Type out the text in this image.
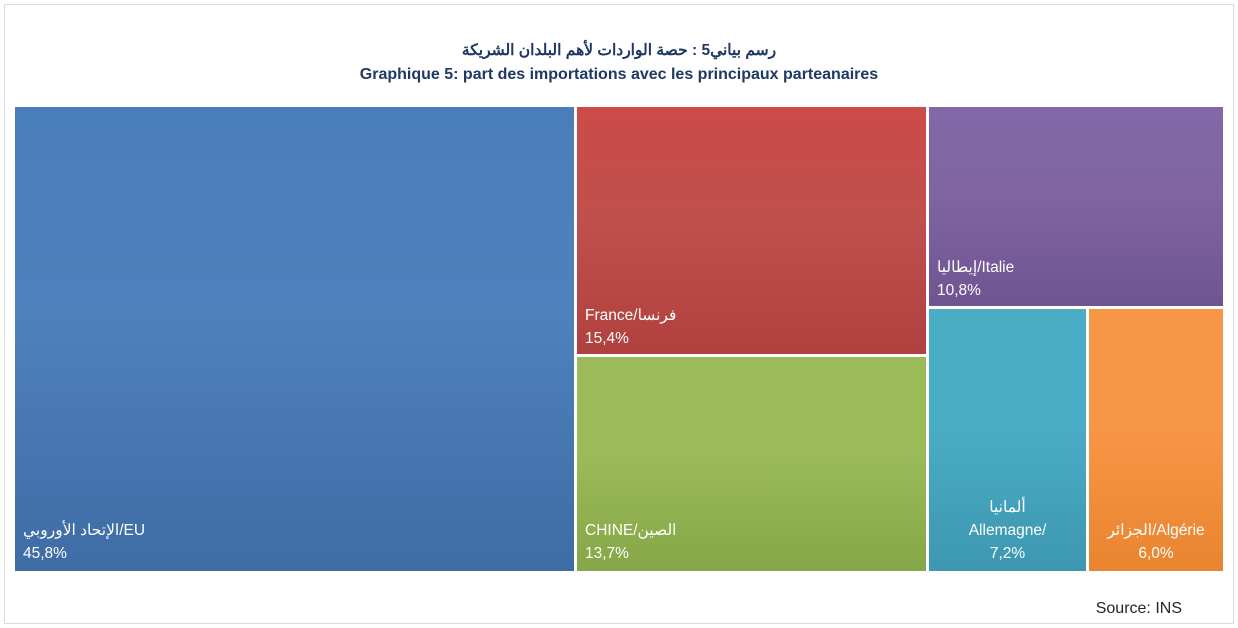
رسم بياني5 : حصة الواردات لأهم البلدان الشريكة
Graphique 5: part des importations avec les principaux parteanaires
الإتحاد الأوروبي/EU
45,8%
France/فرنسا
15,4%
CHINE/الصين
13,7%
إيطاليا/Italie
10,8%
ألمانيا
Allemagne/
7,2%
الجزائر/Algérie
6,0%
Source: INS
